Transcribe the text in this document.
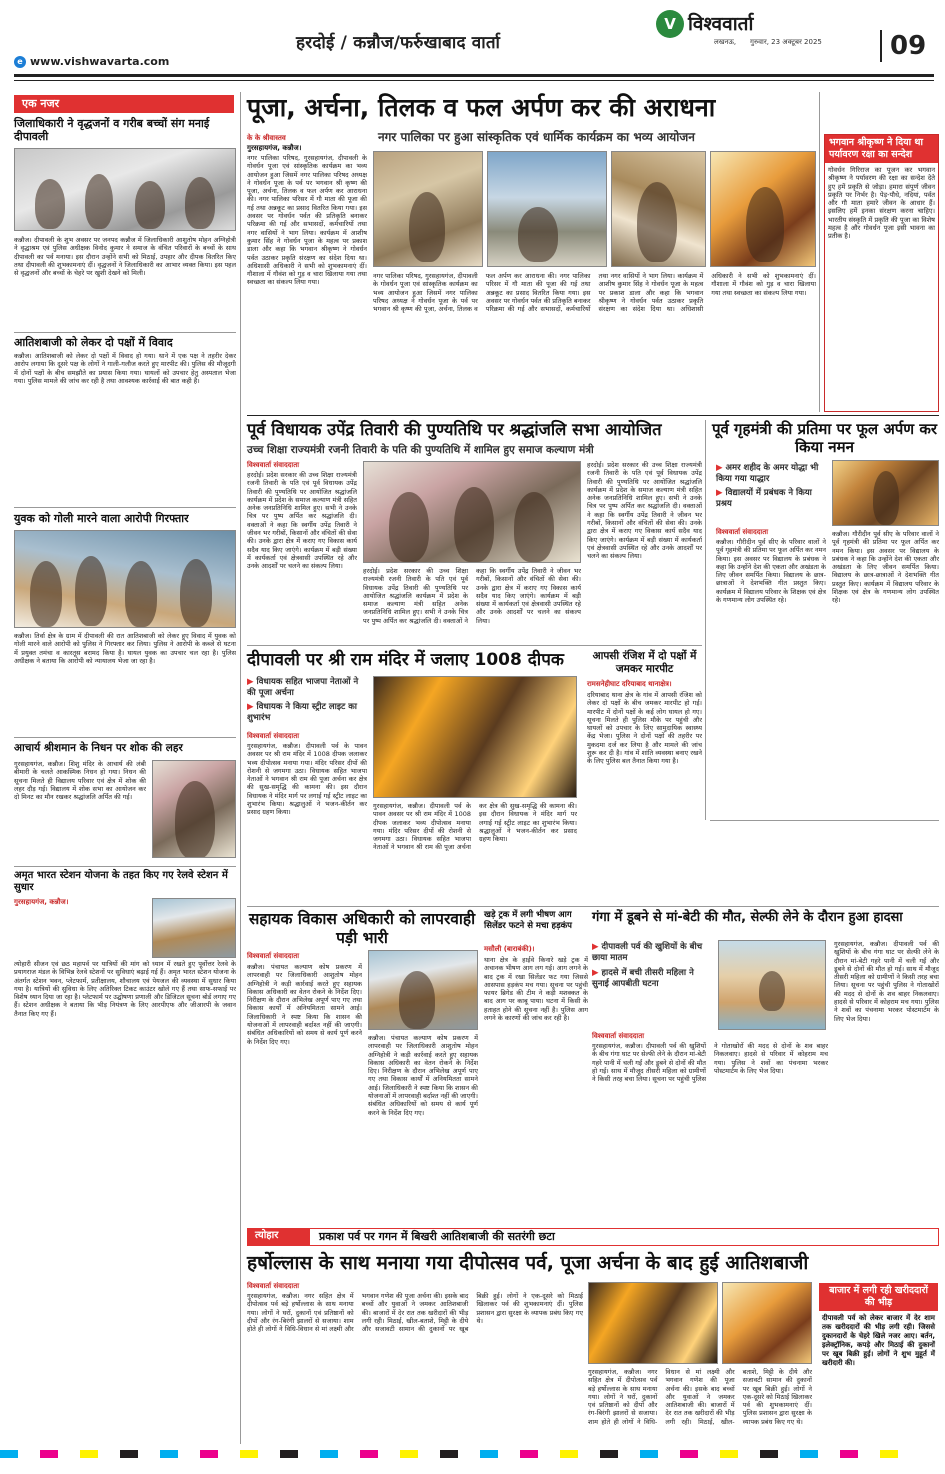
हरदोई / कन्नौज/फर्रुखाबाद वार्ता
V विश्ववार्ता
लखनऊ, गुरुवार, 23 अक्टूबर 2025	09
e www.vishwavarta.com
एक नजर
जिलाधिकारी ने वृद्धजनों व गरीब बच्चों संग मनाई दीपावली
कन्नौज। दीपावली के शुभ अवसर पर जनपद कन्नौज में जिलाधिकारी आशुतोष मोहन अग्निहोत्री ने वृद्धाश्रम एवं पुलिस अधीक्षक विनोद कुमार ने समाज के वंचित परिवारों के बच्चों के साथ दीपावली का पर्व मनाया। इस दौरान उन्होंने सभी को मिठाई, उपहार और दीपक वितरित किए तथा दीपावली की शुभकामनाएं दीं। वृद्धजनों ने जिलाधिकारी का आभार व्यक्त किया। इस पहल से वृद्धजनों और बच्चों के चेहरे पर खुशी देखने को मिली।
आतिशबाजी को लेकर दो पक्षों में विवाद
कन्नौज। आतिशबाजी को लेकर दो पक्षों में विवाद हो गया। थाने में एक पक्ष ने तहरीर देकर आरोप लगाया कि दूसरे पक्ष के लोगों ने गाली-गलौज करते हुए मारपीट की। पुलिस की मौजूदगी में दोनों पक्षों के बीच समझौते का प्रयास किया गया। घायलों को उपचार हेतु अस्पताल भेजा गया। पुलिस मामले की जांच कर रही है तथा आवश्यक कार्रवाई की बात कही है।
युवक को गोली मारने वाला आरोपी गिरफ्तार
कन्नौज। तिर्वा क्षेत्र के ग्राम में दीपावली की रात आतिशबाजी को लेकर हुए विवाद में युवक को गोली मारने वाले आरोपी को पुलिस ने गिरफ्तार कर लिया। पुलिस ने आरोपी के कब्जे से घटना में प्रयुक्त तमंचा व कारतूस बरामद किया है। घायल युवक का उपचार चल रहा है। पुलिस अधीक्षक ने बताया कि आरोपी को न्यायालय भेजा जा रहा है।
आचार्य श्रीशमान के निधन पर शोक की लहर
गुरसहायगंज, कन्नौज। शिशु मंदिर के आचार्य की लंबी बीमारी के चलते आकस्मिक निधन हो गया। निधन की सूचना मिलते ही विद्यालय परिवार एवं क्षेत्र में शोक की लहर दौड़ गई। विद्यालय में शोक सभा का आयोजन कर दो मिनट का मौन रखकर श्रद्धांजलि अर्पित की गई।
अमृत भारत स्टेशन योजना के तहत किए गए रेलवे स्टेशन में सुधार
गुरसहायगंज, कन्नौज।
त्योहारी सीजन एवं छठ महापर्व पर यात्रियों की मांग को ध्यान में रखते हुए पूर्वोत्तर रेलवे के प्रयागराज मंडल के विभिन्न रेलवे स्टेशनों पर सुविधाएं बढ़ाई गई हैं। अमृत भारत स्टेशन योजना के अंतर्गत स्टेशन भवन, प्लेटफार्म, प्रतीक्षालय, शौचालय एवं पेयजल की व्यवस्था में सुधार किया गया है। यात्रियों की सुविधा के लिए अतिरिक्त टिकट काउंटर खोले गए हैं तथा साफ-सफाई पर विशेष ध्यान दिया जा रहा है। प्लेटफार्म पर उद्घोषणा प्रणाली और डिजिटल सूचना बोर्ड लगाए गए हैं। स्टेशन अधीक्षक ने बताया कि भीड़ नियंत्रण के लिए आरपीएफ और जीआरपी के जवान तैनात किए गए हैं।
पूजा, अर्चना, तिलक व फल अर्पण कर की अराधना
नगर पालिका पर हुआ सांस्कृतिक एवं धार्मिक कार्यक्रम का भव्य आयोजन
के के श्रीवास्तव
गुरसहायगंज, कन्नौज।
नगर पालिका परिषद, गुरसहायगंज, दीपावली के गोवर्धन पूजा एवं सांस्कृतिक कार्यक्रम का भव्य आयोजन हुआ जिसमें नगर पालिका परिषद अध्यक्ष ने गोवर्धन पूजा के पर्व पर भगवान श्री कृष्ण की पूजा, अर्चना, तिलक व फल अर्पण कर आराधना की। नगर पालिका परिसर में गौ माता की पूजा की गई तथा अन्नकूट का प्रसाद वितरित किया गया। इस अवसर पर गोवर्धन पर्वत की प्रतिकृति बनाकर परिक्रमा की गई और सभासदों, कर्मचारियों तथा नगर वासियों ने भाग लिया। कार्यक्रम में आशीष कुमार सिंह ने गोवर्धन पूजा के महत्व पर प्रकाश डाला और कहा कि भगवान श्रीकृष्ण ने गोवर्धन पर्वत उठाकर प्रकृति संरक्षण का संदेश दिया था। अधिशासी अधिकारी ने सभी को शुभकामनाएं दीं। गौशाला में गौवंश को गुड़ व चारा खिलाया गया तथा स्वच्छता का संकल्प लिया गया।
नगर पालिका परिषद, गुरसहायगंज, दीपावली के गोवर्धन पूजा एवं सांस्कृतिक कार्यक्रम का भव्य आयोजन हुआ जिसमें नगर पालिका परिषद अध्यक्ष ने गोवर्धन पूजा के पर्व पर भगवान श्री कृष्ण की पूजा, अर्चना, तिलक व फल अर्पण कर आराधना की। नगर पालिका परिसर में गौ माता की पूजा की गई तथा अन्नकूट का प्रसाद वितरित किया गया। इस अवसर पर गोवर्धन पर्वत की प्रतिकृति बनाकर परिक्रमा की गई और सभासदों, कर्मचारियों तथा नगर वासियों ने भाग लिया। कार्यक्रम में आशीष कुमार सिंह ने गोवर्धन पूजा के महत्व पर प्रकाश डाला और कहा कि भगवान श्रीकृष्ण ने गोवर्धन पर्वत उठाकर प्रकृति संरक्षण का संदेश दिया था। अधिशासी अधिकारी ने सभी को शुभकामनाएं दीं। गौशाला में गौवंश को गुड़ व चारा खिलाया गया तथा स्वच्छता का संकल्प लिया गया।
भगवान श्रीकृष्ण ने दिया था पर्यावरण रक्षा का सन्देश
गोवर्धन गिरिराज का पूजन कर भगवान श्रीकृष्ण ने पर्यावरण की रक्षा का सन्देश देते हुए हमें प्रकृति से जोड़ा। हमारा संपूर्ण जीवन प्रकृति पर निर्भर है। पेड़-पौधे, नदियां, पर्वत और गौ माता हमारे जीवन के आधार हैं। इसलिए हमें इनका संरक्षण करना चाहिए। भारतीय संस्कृति में प्रकृति की पूजा का विशेष महत्व है और गोवर्धन पूजा इसी भावना का प्रतीक है।
पूर्व विधायक उपेंद्र तिवारी की पुण्यतिथि पर श्रद्धांजलि सभा आयोजित
उच्च शिक्षा राज्यमंत्री रजनी तिवारी के पति की पुण्यतिथि में शामिल हुए समाज कल्याण मंत्री
विश्ववार्ता संवाददाता
हरदोई। प्रदेश सरकार की उच्च शिक्षा राज्यमंत्री रजनी तिवारी के पति एवं पूर्व विधायक उपेंद्र तिवारी की पुण्यतिथि पर आयोजित श्रद्धांजलि कार्यक्रम में प्रदेश के समाज कल्याण मंत्री सहित अनेक जनप्रतिनिधि शामिल हुए। सभी ने उनके चित्र पर पुष्प अर्पित कर श्रद्धांजलि दी। वक्ताओं ने कहा कि स्वर्गीय उपेंद्र तिवारी ने जीवन भर गरीबों, किसानों और वंचितों की सेवा की। उनके द्वारा क्षेत्र में कराए गए विकास कार्य सदैव याद किए जाएंगे। कार्यक्रम में बड़ी संख्या में कार्यकर्ता एवं क्षेत्रवासी उपस्थित रहे और उनके आदर्शों पर चलने का संकल्प लिया।
हरदोई। प्रदेश सरकार की उच्च शिक्षा राज्यमंत्री रजनी तिवारी के पति एवं पूर्व विधायक उपेंद्र तिवारी की पुण्यतिथि पर आयोजित श्रद्धांजलि कार्यक्रम में प्रदेश के समाज कल्याण मंत्री सहित अनेक जनप्रतिनिधि शामिल हुए। सभी ने उनके चित्र पर पुष्प अर्पित कर श्रद्धांजलि दी। वक्ताओं ने कहा कि स्वर्गीय उपेंद्र तिवारी ने जीवन भर गरीबों, किसानों और वंचितों की सेवा की। उनके द्वारा क्षेत्र में कराए गए विकास कार्य सदैव याद किए जाएंगे। कार्यक्रम में बड़ी संख्या में कार्यकर्ता एवं क्षेत्रवासी उपस्थित रहे और उनके आदर्शों पर चलने का संकल्प लिया।
हरदोई। प्रदेश सरकार की उच्च शिक्षा राज्यमंत्री रजनी तिवारी के पति एवं पूर्व विधायक उपेंद्र तिवारी की पुण्यतिथि पर आयोजित श्रद्धांजलि कार्यक्रम में प्रदेश के समाज कल्याण मंत्री सहित अनेक जनप्रतिनिधि शामिल हुए। सभी ने उनके चित्र पर पुष्प अर्पित कर श्रद्धांजलि दी। वक्ताओं ने कहा कि स्वर्गीय उपेंद्र तिवारी ने जीवन भर गरीबों, किसानों और वंचितों की सेवा की। उनके द्वारा क्षेत्र में कराए गए विकास कार्य सदैव याद किए जाएंगे। कार्यक्रम में बड़ी संख्या में कार्यकर्ता एवं क्षेत्रवासी उपस्थित रहे और उनके आदर्शों पर चलने का संकल्प लिया।
पूर्व गृहमंत्री की प्रतिमा पर फूल अर्पण कर किया नमन
▶ अमर शहीद के अमर योद्धा भी किया गया याद्धार
▶ विद्यालयों में प्रबंधक ने किया प्रश्रय
विश्ववार्ता संवाददाता
कन्नौज। गौरीदीन पूर्व सीए के परिवार वालों ने पूर्व गृहमंत्री की प्रतिमा पर फूल अर्पित कर नमन किया। इस अवसर पर विद्यालय के प्रबंधक ने कहा कि उन्होंने देश की एकता और अखंडता के लिए जीवन समर्पित किया। विद्यालय के छात्र-छात्राओं ने देशभक्ति गीत प्रस्तुत किए। कार्यक्रम में विद्यालय परिवार के शिक्षक एवं क्षेत्र के गणमान्य लोग उपस्थित रहे।
कन्नौज। गौरीदीन पूर्व सीए के परिवार वालों ने पूर्व गृहमंत्री की प्रतिमा पर फूल अर्पित कर नमन किया। इस अवसर पर विद्यालय के प्रबंधक ने कहा कि उन्होंने देश की एकता और अखंडता के लिए जीवन समर्पित किया। विद्यालय के छात्र-छात्राओं ने देशभक्ति गीत प्रस्तुत किए। कार्यक्रम में विद्यालय परिवार के शिक्षक एवं क्षेत्र के गणमान्य लोग उपस्थित रहे।
दीपावली पर श्री राम मंदिर में जलाए 1008 दीपक
▶ विधायक सहित भाजपा नेताओं ने की पूजा अर्चना
▶ विधायक ने किया स्ट्रीट लाइट का शुभारंभ
विश्ववार्ता संवाददाता
गुरसहायगंज, कन्नौज। दीपावली पर्व के पावन अवसर पर श्री राम मंदिर में 1008 दीपक जलाकर भव्य दीपोत्सव मनाया गया। मंदिर परिसर दीपों की रोशनी से जगमगा उठा। विधायक सहित भाजपा नेताओं ने भगवान श्री राम की पूजा अर्चना कर क्षेत्र की सुख-समृद्धि की कामना की। इस दौरान विधायक ने मंदिर मार्ग पर लगाई गई स्ट्रीट लाइट का शुभारंभ किया। श्रद्धालुओं ने भजन-कीर्तन कर प्रसाद ग्रहण किया।
गुरसहायगंज, कन्नौज। दीपावली पर्व के पावन अवसर पर श्री राम मंदिर में 1008 दीपक जलाकर भव्य दीपोत्सव मनाया गया। मंदिर परिसर दीपों की रोशनी से जगमगा उठा। विधायक सहित भाजपा नेताओं ने भगवान श्री राम की पूजा अर्चना कर क्षेत्र की सुख-समृद्धि की कामना की। इस दौरान विधायक ने मंदिर मार्ग पर लगाई गई स्ट्रीट लाइट का शुभारंभ किया। श्रद्धालुओं ने भजन-कीर्तन कर प्रसाद ग्रहण किया।
आपसी रंजिश में दो पक्षों में जमकर मारपीट
रामसनेहीघाट दरियाबाद थानाक्षेत्र।
दरियाबाद थाना क्षेत्र के गांव में आपसी रंजिश को लेकर दो पक्षों के बीच जमकर मारपीट हो गई। मारपीट में दोनों पक्षों के कई लोग घायल हो गए। सूचना मिलते ही पुलिस मौके पर पहुंची और घायलों को उपचार के लिए सामुदायिक स्वास्थ्य केंद्र भेजा। पुलिस ने दोनों पक्षों की तहरीर पर मुकदमा दर्ज कर लिया है और मामले की जांच शुरू कर दी है। गांव में शांति व्यवस्था बनाए रखने के लिए पुलिस बल तैनात किया गया है।
सहायक विकास अधिकारी को लापरवाही पड़ी भारी
विश्ववार्ता संवाददाता
कन्नौज। पंचायत कल्याण कोष प्रकरण में लापरवाही पर जिलाधिकारी आशुतोष मोहन अग्निहोत्री ने कड़ी कार्रवाई करते हुए सहायक विकास अधिकारी का वेतन रोकने के निर्देश दिए। निरीक्षण के दौरान अभिलेख अपूर्ण पाए गए तथा विकास कार्यों में अनियमितता सामने आई। जिलाधिकारी ने स्पष्ट किया कि शासन की योजनाओं में लापरवाही बर्दाश्त नहीं की जाएगी। संबंधित अधिकारियों को समय से कार्य पूर्ण करने के निर्देश दिए गए।	कन्नौज। पंचायत कल्याण कोष प्रकरण में लापरवाही पर जिलाधिकारी आशुतोष मोहन अग्निहोत्री ने कड़ी कार्रवाई करते हुए सहायक विकास अधिकारी का वेतन रोकने के निर्देश दिए। निरीक्षण के दौरान अभिलेख अपूर्ण पाए गए तथा विकास कार्यों में अनियमितता सामने आई। जिलाधिकारी ने स्पष्ट किया कि शासन की योजनाओं में लापरवाही बर्दाश्त नहीं की जाएगी। संबंधित अधिकारियों को समय से कार्य पूर्ण करने के निर्देश दिए गए।
खड़े ट्रक में लगी भीषण आग सिलेंडर फटने से मचा हड़कंप
मसौली (बाराबंकी)।
थाना क्षेत्र के हाईवे किनारे खड़े ट्रक में अचानक भीषण आग लग गई। आग लगने के बाद ट्रक में रखा सिलेंडर फट गया जिससे आसपास हड़कंप मच गया। सूचना पर पहुंची फायर ब्रिगेड की टीम ने कड़ी मशक्कत के बाद आग पर काबू पाया। घटना में किसी के हताहत होने की सूचना नहीं है। पुलिस आग लगने के कारणों की जांच कर रही है।
गंगा में डूबने से मां-बेटी की मौत, सेल्फी लेने के दौरान हुआ हादसा
▶ दीपावली पर्व की खुशियों के बीच छाया मातम
▶ हादसे में बची तीसरी महिला ने सुनाई आपबीती घटना
विश्ववार्ता संवाददाता
गुरसहायगंज, कन्नौज। दीपावली पर्व की खुशियों के बीच गंगा घाट पर सेल्फी लेने के दौरान मां-बेटी गहरे पानी में चली गईं और डूबने से दोनों की मौत हो गई। साथ में मौजूद तीसरी महिला को ग्रामीणों ने किसी तरह बचा लिया। सूचना पर पहुंची पुलिस ने गोताखोरों की मदद से दोनों के शव बाहर निकलवाए। हादसे से परिवार में कोहराम मच गया। पुलिस ने शवों का पंचनामा भरकर पोस्टमार्टम के लिए भेज दिया।
गुरसहायगंज, कन्नौज। दीपावली पर्व की खुशियों के बीच गंगा घाट पर सेल्फी लेने के दौरान मां-बेटी गहरे पानी में चली गईं और डूबने से दोनों की मौत हो गई। साथ में मौजूद तीसरी महिला को ग्रामीणों ने किसी तरह बचा लिया। सूचना पर पहुंची पुलिस ने गोताखोरों की मदद से दोनों के शव बाहर निकलवाए। हादसे से परिवार में कोहराम मच गया। पुलिस ने शवों का पंचनामा भरकर पोस्टमार्टम के लिए भेज दिया।
त्योहार	प्रकाश पर्व पर गगन में बिखरी आतिशबाजी की सतरंगी छटा
हर्षोल्लास के साथ मनाया गया दीपोत्सव पर्व, पूजा अर्चना के बाद हुई आतिशबाजी
विश्ववार्ता संवाददाता
गुरसहायगंज, कन्नौज। नगर सहित क्षेत्र में दीपोत्सव पर्व बड़े हर्षोल्लास के साथ मनाया गया। लोगों ने घरों, दुकानों एवं प्रतिष्ठानों को दीपों और रंग-बिरंगी झालरों से सजाया। शाम होते ही लोगों ने विधि-विधान से मां लक्ष्मी और भगवान गणेश की पूजा अर्चना की। इसके बाद बच्चों और युवाओं ने जमकर आतिशबाजी की। बाजारों में देर रात तक खरीदारों की भीड़ लगी रही। मिठाई, खील-बताशे, मिट्टी के दीये और सजावटी सामान की दुकानों पर खूब बिक्री हुई। लोगों ने एक-दूसरे को मिठाई खिलाकर पर्व की शुभकामनाएं दीं। पुलिस प्रशासन द्वारा सुरक्षा के व्यापक प्रबंध किए गए थे।
गुरसहायगंज, कन्नौज। नगर सहित क्षेत्र में दीपोत्सव पर्व बड़े हर्षोल्लास के साथ मनाया गया। लोगों ने घरों, दुकानों एवं प्रतिष्ठानों को दीपों और रंग-बिरंगी झालरों से सजाया। शाम होते ही लोगों ने विधि-विधान से मां लक्ष्मी और भगवान गणेश की पूजा अर्चना की। इसके बाद बच्चों और युवाओं ने जमकर आतिशबाजी की। बाजारों में देर रात तक खरीदारों की भीड़ लगी रही। मिठाई, खील-बताशे, मिट्टी के दीये और सजावटी सामान की दुकानों पर खूब बिक्री हुई। लोगों ने एक-दूसरे को मिठाई खिलाकर पर्व की शुभकामनाएं दीं। पुलिस प्रशासन द्वारा सुरक्षा के व्यापक प्रबंध किए गए थे।
बाजार में लगी रही खरीददारों की भीड़
दीपावली पर्व को लेकर बाजार में देर शाम तक खरीददारों की भीड़ लगी रही। जिससे दुकानदारों के चेहरे खिले नजर आए। बर्तन, इलेक्ट्रॉनिक, कपड़े और मिठाई की दुकानों पर खूब बिक्री हुई। लोगों ने शुभ मुहूर्त में खरीदारी की।
